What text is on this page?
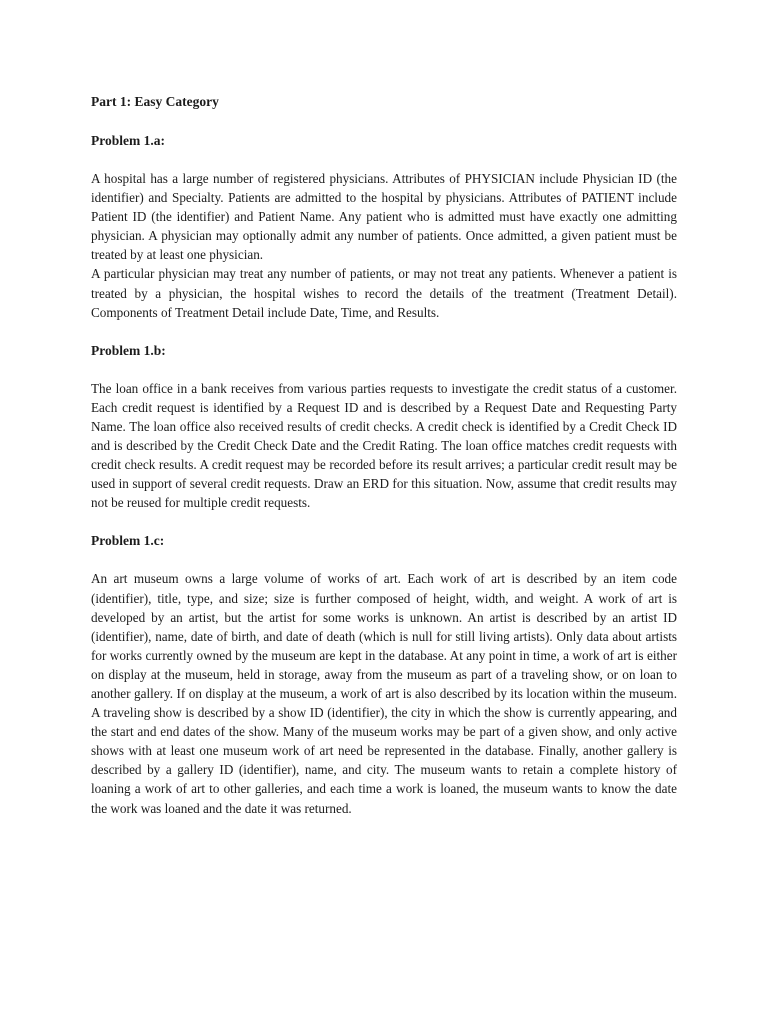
Part 1: Easy Category

Problem 1.a:

A hospital has a large number of registered physicians. Attributes of PHYSICIAN include Physician ID (the identifier) and Specialty. Patients are admitted to the hospital by physicians. Attributes of PATIENT include Patient ID (the identifier) and Patient Name. Any patient who is admitted must have exactly one admitting physician. A physician may optionally admit any number of patients. Once admitted, a given patient must be treated by at least one physician.

A particular physician may treat any number of patients, or may not treat any patients. Whenever a patient is treated by a physician, the hospital wishes to record the details of the treatment (Treatment Detail). Components of Treatment Detail include Date, Time, and Results.

Problem 1.b:

The loan office in a bank receives from various parties requests to investigate the credit status of a customer. Each credit request is identified by a Request ID and is described by a Request Date and Requesting Party Name. The loan office also received results of credit checks. A credit check is identified by a Credit Check ID and is described by the Credit Check Date and the Credit Rating. The loan office matches credit requests with credit check results. A credit request may be recorded before its result arrives; a particular credit result may be used in support of several credit requests. Draw an ERD for this situation. Now, assume that credit results may not be reused for multiple credit requests.

Problem 1.c:

An art museum owns a large volume of works of art. Each work of art is described by an item code (identifier), title, type, and size; size is further composed of height, width, and weight. A work of art is developed by an artist, but the artist for some works is unknown. An artist is described by an artist ID (identifier), name, date of birth, and date of death (which is null for still living artists). Only data about artists for works currently owned by the museum are kept in the database. At any point in time, a work of art is either on display at the museum, held in storage, away from the museum as part of a traveling show, or on loan to another gallery. If on display at the museum, a work of art is also described by its location within the museum. A traveling show is described by a show ID (identifier), the city in which the show is currently appearing, and the start and end dates of the show. Many of the museum works may be part of a given show, and only active shows with at least one museum work of art need be represented in the database. Finally, another gallery is described by a gallery ID (identifier), name, and city. The museum wants to retain a complete history of loaning a work of art to other galleries, and each time a work is loaned, the museum wants to know the date the work was loaned and the date it was returned.
